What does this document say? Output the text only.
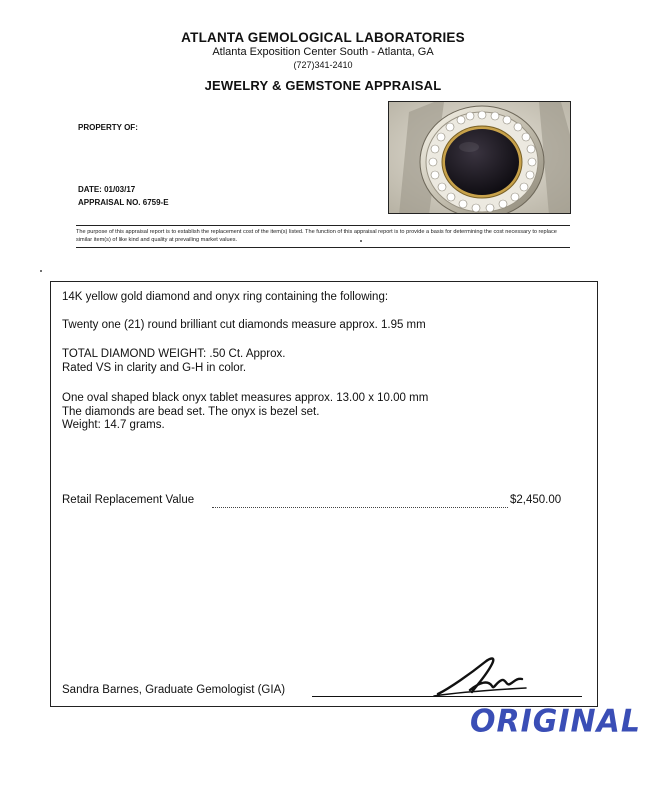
ATLANTA GEMOLOGICAL LABORATORIES
Atlanta Exposition Center South - Atlanta, GA
(727)341-2410
JEWELRY & GEMSTONE APPRAISAL
PROPERTY OF:
DATE: 01/03/17
APPRAISAL NO. 6759-E
The purpose of this appraisal report is to establish the replacement cost of the item(s) listed. The function of this appraisal report is to provide a basis for determining the cost necessary to replace similar item(s) of like kind and quality at prevailing market values.
14K yellow gold diamond and onyx ring containing the following:
Twenty one (21) round brilliant cut diamonds measure approx. 1.95 mm
TOTAL DIAMOND WEIGHT: .50 Ct. Approx.
Rated VS in clarity and G-H in color.
One oval shaped black onyx tablet measures approx. 13.00 x 10.00 mm
The diamonds are bead set. The onyx is bezel set.
Weight: 14.7 grams.
Retail Replacement Value	$2,450.00
Sandra Barnes, Graduate Gemologist (GIA)
ORIGINAL
